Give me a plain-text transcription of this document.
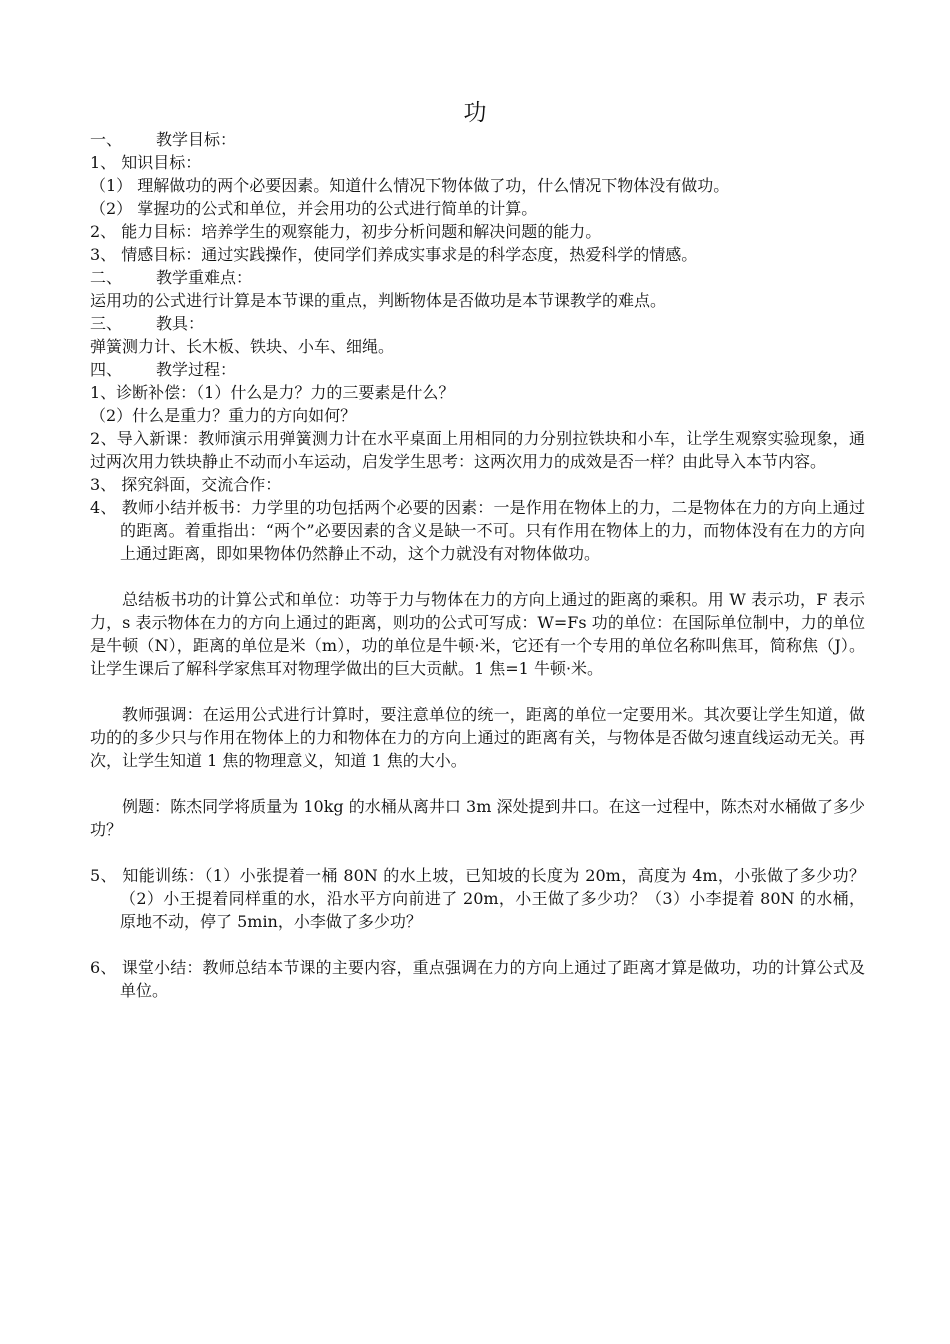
功
一、 教学目标：
1、 知识目标：
（1） 理解做功的两个必要因素。知道什么情况下物体做了功，什么情况下物体没有做功。
（2） 掌握功的公式和单位，并会用功的公式进行简单的计算。
2、 能力目标：培养学生的观察能力，初步分析问题和解决问题的能力。
3、 情感目标：通过实践操作，使同学们养成实事求是的科学态度，热爱科学的情感。
二、 教学重难点：
运用功的公式进行计算是本节课的重点，判断物体是否做功是本节课教学的难点。
三、 教具：
弹簧测力计、长木板、铁块、小车、细绳。
四、 教学过程：
1、诊断补偿：（1）什么是力？力的三要素是什么？
（2）什么是重力？重力的方向如何？

2、导入新课：教师演示用弹簧测力计在水平桌面上用相同的力分别拉铁块和小车，让学生观察实验现象，通过两次用力铁块静止不动而小车运动，启发学生思考：这两次用力的成效是否一样？由此导入本节内容。

3、 探究斜面，交流合作：

4、 教师小结并板书：力学里的功包括两个必要的因素：一是作用在物体上的力，二是物体在力的方向上通过的距离。着重指出：“两个”必要因素的含义是缺一不可。只有作用在物体上的力，而物体没有在力的方向上通过距离，即如果物体仍然静止不动，这个力就没有对物体做功。

总结板书功的计算公式和单位：功等于力与物体在力的方向上通过的距离的乘积。用 W 表示功，F 表示力，s 表示物体在力的方向上通过的距离，则功的公式可写成：W=Fs 功的单位：在国际单位制中，力的单位是牛顿（N），距离的单位是米（m），功的单位是牛顿·米，它还有一个专用的单位名称叫焦耳，简称焦（J）。让学生课后了解科学家焦耳对物理学做出的巨大贡献。1 焦=1 牛顿·米。

教师强调：在运用公式进行计算时，要注意单位的统一，距离的单位一定要用米。其次要让学生知道，做功的的多少只与作用在物体上的力和物体在力的方向上通过的距离有关，与物体是否做匀速直线运动无关。再次，让学生知道 1 焦的物理意义，知道 1 焦的大小。

例题：陈杰同学将质量为 10kg 的水桶从离井口 3m 深处提到井口。在这一过程中，陈杰对水桶做了多少功？

5、 知能训练：（1）小张提着一桶 80N 的水上坡，已知坡的长度为 20m，高度为 4m，小张做了多少功？（2）小王提着同样重的水，沿水平方向前进了 20m，小王做了多少功？（3）小李提着 80N 的水桶，原地不动，停了 5min，小李做了多少功？

6、 课堂小结：教师总结本节课的主要内容，重点强调在力的方向上通过了距离才算是做功，功的计算公式及单位。
